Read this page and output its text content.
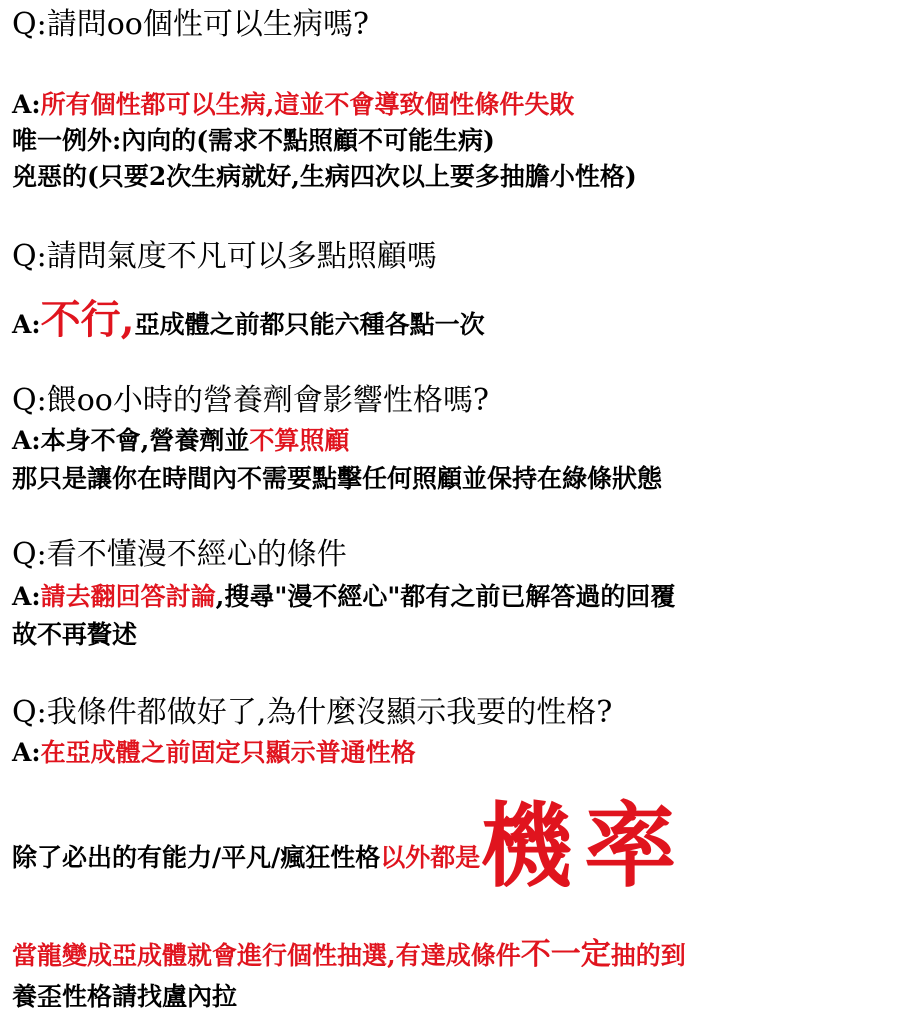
Q:請問oo個性可以生病嗎?
A:所有個性都可以生病,這並不會導致個性條件失敗
唯一例外:內向的(需求不點照顧不可能生病)
兇惡的(只要2次生病就好,生病四次以上要多抽膽小性格)
Q:請問氣度不凡可以多點照顧嗎
A:不行,亞成體之前都只能六種各點一次
Q:餵oo小時的營養劑會影響性格嗎?
A:本身不會,營養劑並不算照顧
那只是讓你在時間內不需要點擊任何照顧並保持在綠條狀態
Q:看不懂漫不經心的條件
A:請去翻回答討論,搜尋"漫不經心"都有之前已解答過的回覆
故不再贅述
Q:我條件都做好了,為什麼沒顯示我要的性格?
A:在亞成體之前固定只顯示普通性格
除了必出的有能力/平凡/瘋狂性格 以外都是 機率
當龍變成亞成體就會進行個性抽選,有達成條件不一定抽的到
養歪性格請找盧內拉
